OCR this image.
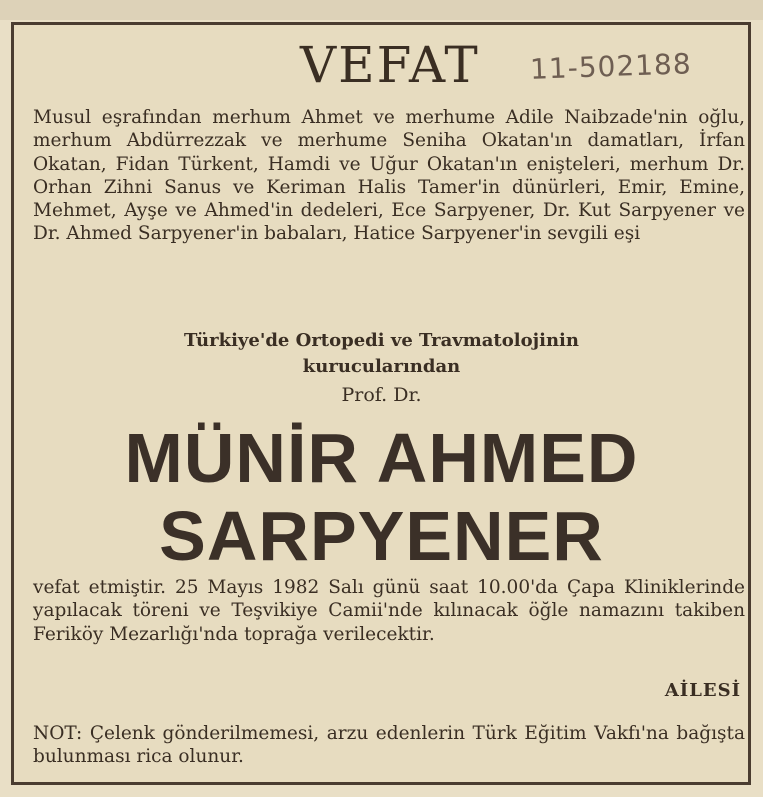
VEFAT 11-502188

Musul eşrafından merhum Ahmet ve merhume Adile Naibzade'nin oğlu, merhum Abdürrezzak ve merhume Seniha Okatan'ın damatları, İrfan Okatan, Fidan Türkent, Hamdi ve Uğur Okatan'ın enişteleri, merhum Dr. Orhan Zihni Sanus ve Keriman Halis Tamer'in dünürleri, Emir, Emine, Mehmet, Ayşe ve Ahmed'in dedeleri, Ece Sarpyener, Dr. Kut Sarpyener ve Dr. Ahmed Sarpyener'in babaları, Hatice Sarpyener'in sevgili eşi

Türkiye'de Ortopedi ve Travmatolojinin
kurucularından
Prof. Dr.
MÜNİR AHMED
SARPYENER

vefat etmiştir. 25 Mayıs 1982 Salı günü saat 10.00'da Çapa Kliniklerinde yapılacak töreni ve Teşvikiye Camii'nde kılınacak öğle namazını takiben Feriköy Mezarlığı'nda toprağa verilecektir.

AİLESİ

NOT: Çelenk gönderilmemesi, arzu edenlerin Türk Eğitim Vakfı'na bağışta bulunması rica olunur.
